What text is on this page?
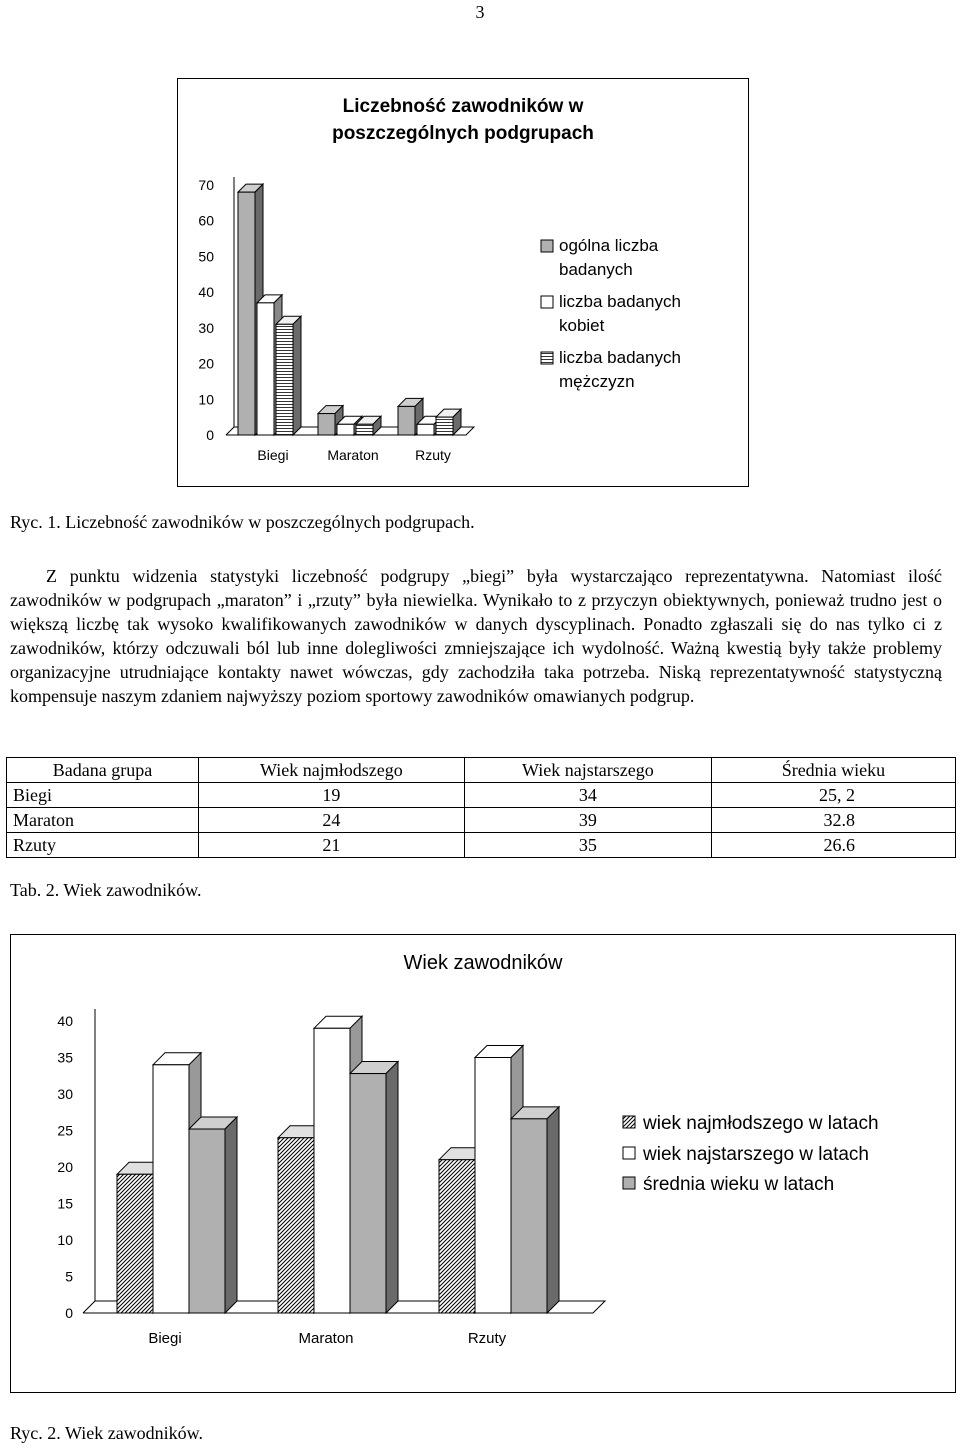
3
Liczebność zawodników w
poszczególnych podgrupach
0
10
20
30
40
50
60
70
Biegi	Maraton	Rzuty
ogólna liczba
badanych
liczba badanych
kobiet
liczba badanych
mężczyzn
Ryc. 1. Liczebność zawodników w poszczególnych podgrupach.

Z punktu widzenia statystyki liczebność podgrupy „biegi” była wystarczająco reprezentatywna. Natomiast ilość zawodników w podgrupach „maraton” i „rzuty” była niewielka. Wynikało to z przyczyn obiektywnych, ponieważ trudno jest o większą liczbę tak wysoko kwalifikowanych zawodników w danych dyscyplinach. Ponadto zgłaszali się do nas tylko ci z zawodników, którzy odczuwali ból lub inne dolegliwości zmniejszające ich wydolność. Ważną kwestią były także problemy organizacyjne utrudniające kontakty nawet wówczas, gdy zachodziła taka potrzeba. Niską reprezentatywność statystyczną kompensuje naszym zdaniem najwyższy poziom sportowy zawodników omawianych podgrup.

Badana grupa	Wiek najmłodszego	Wiek najstarszego	Średnia wieku
Biegi	19	34	25, 2
Maraton	24	39	32.8
Rzuty	21	35	26.6
Tab. 2. Wiek zawodników.
Wiek zawodników
0
5
10
15
20
25
30
35
40
Biegi	Maraton	Rzuty
wiek najmłodszego w latach
wiek najstarszego w latach
średnia wieku w latach
Ryc. 2. Wiek zawodników.
